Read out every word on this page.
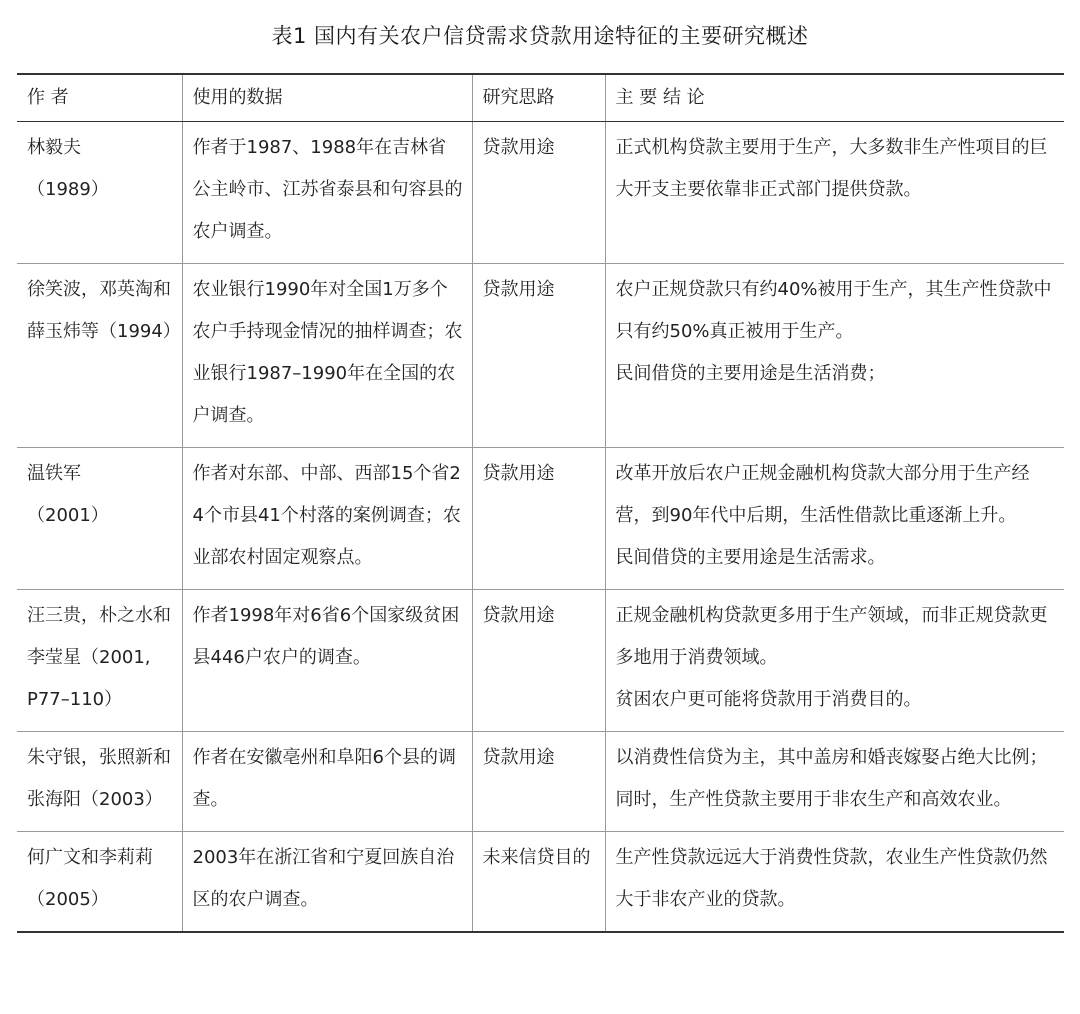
表1 国内有关农户信贷需求贷款用途特征的主要研究概述
作 者	使用的数据	研究思路	主 要 结 论

林毅夫
（1989）	作者于1987、1988年在吉林省公主岭市、江苏省泰县和句容县的农户调查。	贷款用途	正式机构贷款主要用于生产，大多数非生产性项目的巨大开支主要依靠非正式部门提供贷款。

徐笑波，邓英淘和薛玉炜等（1994）	农业银行1990年对全国1万多个农户手持现金情况的抽样调查；农业银行1987–1990年在全国的农户调查。	贷款用途	农户正规贷款只有约40%被用于生产，其生产性贷款中只有约50%真正被用于生产。
民间借贷的主要用途是生活消费；

温铁军
（2001）	作者对东部、中部、西部15个省24个市县41个村落的案例调查；农业部农村固定观察点。	贷款用途	改革开放后农户正规金融机构贷款大部分用于生产经营，到90年代中后期，生活性借款比重逐渐上升。
民间借贷的主要用途是生活需求。

汪三贵，朴之水和李莹星（2001,
P77–110）	作者1998年对6省6个国家级贫困县446户农户的调查。	贷款用途	正规金融机构贷款更多用于生产领域，而非正规贷款更多地用于消费领域。
贫困农户更可能将贷款用于消费目的。

朱守银，张照新和张海阳（2003）	作者在安徽亳州和阜阳6个县的调查。	贷款用途	以消费性信贷为主，其中盖房和婚丧嫁娶占绝大比例；同时，生产性贷款主要用于非农生产和高效农业。

何广文和李莉莉
（2005）	2003年在浙江省和宁夏回族自治区的农户调查。	未来信贷目的	生产性贷款远远大于消费性贷款，农业生产性贷款仍然大于非农产业的贷款。
